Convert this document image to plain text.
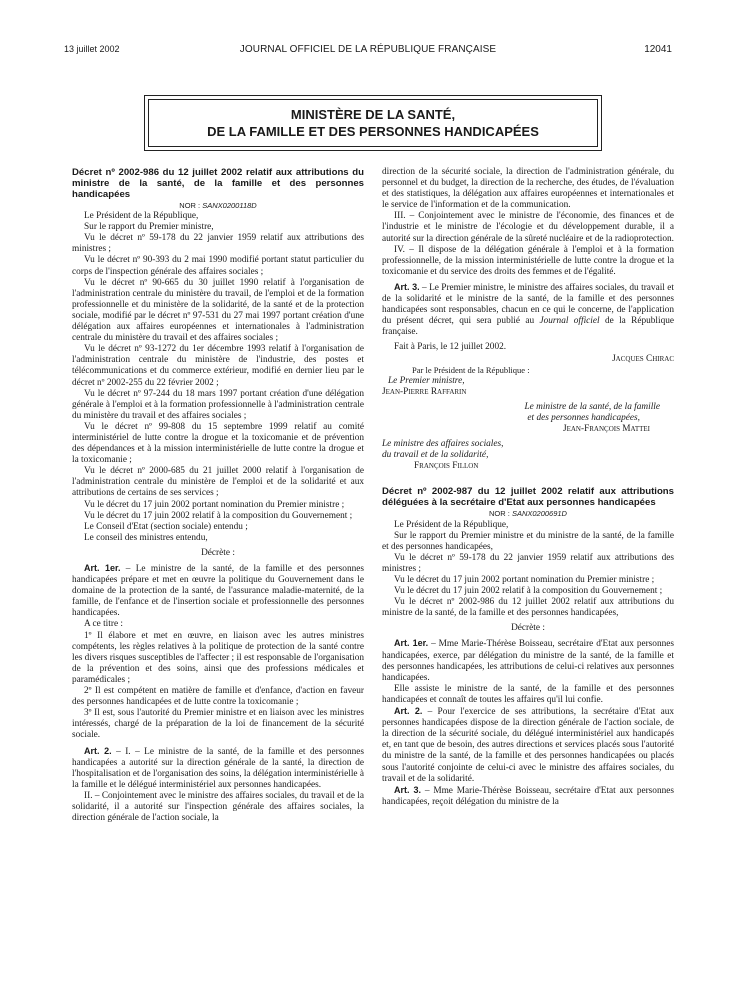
13 juillet 2002	JOURNAL OFFICIEL DE LA RÉPUBLIQUE FRANÇAISE	12041
MINISTÈRE DE LA SANTÉ,
DE LA FAMILLE ET DES PERSONNES HANDICAPÉES

Décret nº 2002-986 du 12 juillet 2002 relatif aux attributions du ministre de la santé, de la famille et des personnes handicapées

NOR : SANX0200118D

Le Président de la République,

Sur le rapport du Premier ministre,

Vu le décret nº 59-178 du 22 janvier 1959 relatif aux attributions des ministres ;

Vu le décret nº 90-393 du 2 mai 1990 modifié portant statut particulier du corps de l'inspection générale des affaires sociales ;

Vu le décret nº 90-665 du 30 juillet 1990 relatif à l'organisation de l'administration centrale du ministère du travail, de l'emploi et de la formation professionnelle et du ministère de la solidarité, de la santé et de la protection sociale, modifié par le décret nº 97-531 du 27 mai 1997 portant création d'une délégation aux affaires européennes et internationales à l'administration centrale du ministère du travail et des affaires sociales ;

Vu le décret nº 93-1272 du 1er décembre 1993 relatif à l'organisation de l'administration centrale du ministère de l'industrie, des postes et télécommunications et du commerce extérieur, modifié en dernier lieu par le décret nº 2002-255 du 22 février 2002 ;

Vu le décret nº 97-244 du 18 mars 1997 portant création d'une délégation générale à l'emploi et à la formation professionnelle à l'administration centrale du ministère du travail et des affaires sociales ;

Vu le décret nº 99-808 du 15 septembre 1999 relatif au comité interministériel de lutte contre la drogue et la toxicomanie et de prévention des dépendances et à la mission interministérielle de lutte contre la drogue et la toxicomanie ;

Vu le décret nº 2000-685 du 21 juillet 2000 relatif à l'organisation de l'administration centrale du ministère de l'emploi et de la solidarité et aux attributions de certains de ses services ;

Vu le décret du 17 juin 2002 portant nomination du Premier ministre ;

Vu le décret du 17 juin 2002 relatif à la composition du Gouvernement ;

Le Conseil d'Etat (section sociale) entendu ;

Le conseil des ministres entendu,

Décrète :

Art. 1er. – Le ministre de la santé, de la famille et des personnes handicapées prépare et met en œuvre la politique du Gouvernement dans le domaine de la protection de la santé, de l'assurance maladie-maternité, de la famille, de l'enfance et de l'insertion sociale et professionnelle des personnes handicapées.

A ce titre :

1º Il élabore et met en œuvre, en liaison avec les autres ministres compétents, les règles relatives à la politique de protection de la santé contre les divers risques susceptibles de l'affecter ; il est responsable de l'organisation de la prévention et des soins, ainsi que des professions médicales et paramédicales ;

2º Il est compétent en matière de famille et d'enfance, d'action en faveur des personnes handicapées et de lutte contre la toxicomanie ;

3º Il est, sous l'autorité du Premier ministre et en liaison avec les ministres intéressés, chargé de la préparation de la loi de financement de la sécurité sociale.

Art. 2. – I. – Le ministre de la santé, de la famille et des personnes handicapées a autorité sur la direction générale de la santé, la direction de l'hospitalisation et de l'organisation des soins, la délégation interministérielle à la famille et le délégué interministériel aux personnes handicapées.

II. – Conjointement avec le ministre des affaires sociales, du travail et de la solidarité, il a autorité sur l'inspection générale des affaires sociales, la direction générale de l'action sociale, la

direction de la sécurité sociale, la direction de l'administration générale, du personnel et du budget, la direction de la recherche, des études, de l'évaluation et des statistiques, la délégation aux affaires européennes et internationales et le service de l'information et de la communication.

III. – Conjointement avec le ministre de l'économie, des finances et de l'industrie et le ministre de l'écologie et du développement durable, il a autorité sur la direction générale de la sûreté nucléaire et de la radioprotection.

IV. – Il dispose de la délégation générale à l'emploi et à la formation professionnelle, de la mission interministérielle de lutte contre la drogue et la toxicomanie et du service des droits des femmes et de l'égalité.

Art. 3. – Le Premier ministre, le ministre des affaires sociales, du travail et de la solidarité et le ministre de la santé, de la famille et des personnes handicapées sont responsables, chacun en ce qui le concerne, de l'application du présent décret, qui sera publié au Journal officiel de la République française.

Fait à Paris, le 12 juillet 2002.

Jacques Chirac

Par le Président de la République :

Le Premier ministre,

Jean-Pierre Raffarin

Le ministre de la santé, de la famille

et des personnes handicapées,

Jean-François Mattei

Le ministre des affaires sociales,

du travail et de la solidarité,

François Fillon

Décret nº 2002-987 du 12 juillet 2002 relatif aux attributions déléguées à la secrétaire d'Etat aux personnes handicapées

NOR : SANX0200691D

Le Président de la République,

Sur le rapport du Premier ministre et du ministre de la santé, de la famille et des personnes handicapées,

Vu le décret nº 59-178 du 22 janvier 1959 relatif aux attributions des ministres ;

Vu le décret du 17 juin 2002 portant nomination du Premier ministre ;

Vu le décret du 17 juin 2002 relatif à la composition du Gouvernement ;

Vu le décret nº 2002-986 du 12 juillet 2002 relatif aux attributions du ministre de la santé, de la famille et des personnes handicapées,

Décrète :

Art. 1er. – Mme Marie-Thérèse Boisseau, secrétaire d'Etat aux personnes handicapées, exerce, par délégation du ministre de la santé, de la famille et des personnes handicapées, les attributions de celui-ci relatives aux personnes handicapées.

Elle assiste le ministre de la santé, de la famille et des personnes handicapées et connaît de toutes les affaires qu'il lui confie.

Art. 2. – Pour l'exercice de ses attributions, la secrétaire d'Etat aux personnes handicapées dispose de la direction générale de l'action sociale, de la direction de la sécurité sociale, du délégué interministériel aux handicapés et, en tant que de besoin, des autres directions et services placés sous l'autorité du ministre de la santé, de la famille et des personnes handicapées ou placés sous l'autorité conjointe de celui-ci avec le ministre des affaires sociales, du travail et de la solidarité.

Art. 3. – Mme Marie-Thérèse Boisseau, secrétaire d'Etat aux personnes handicapées, reçoit délégation du ministre de la
